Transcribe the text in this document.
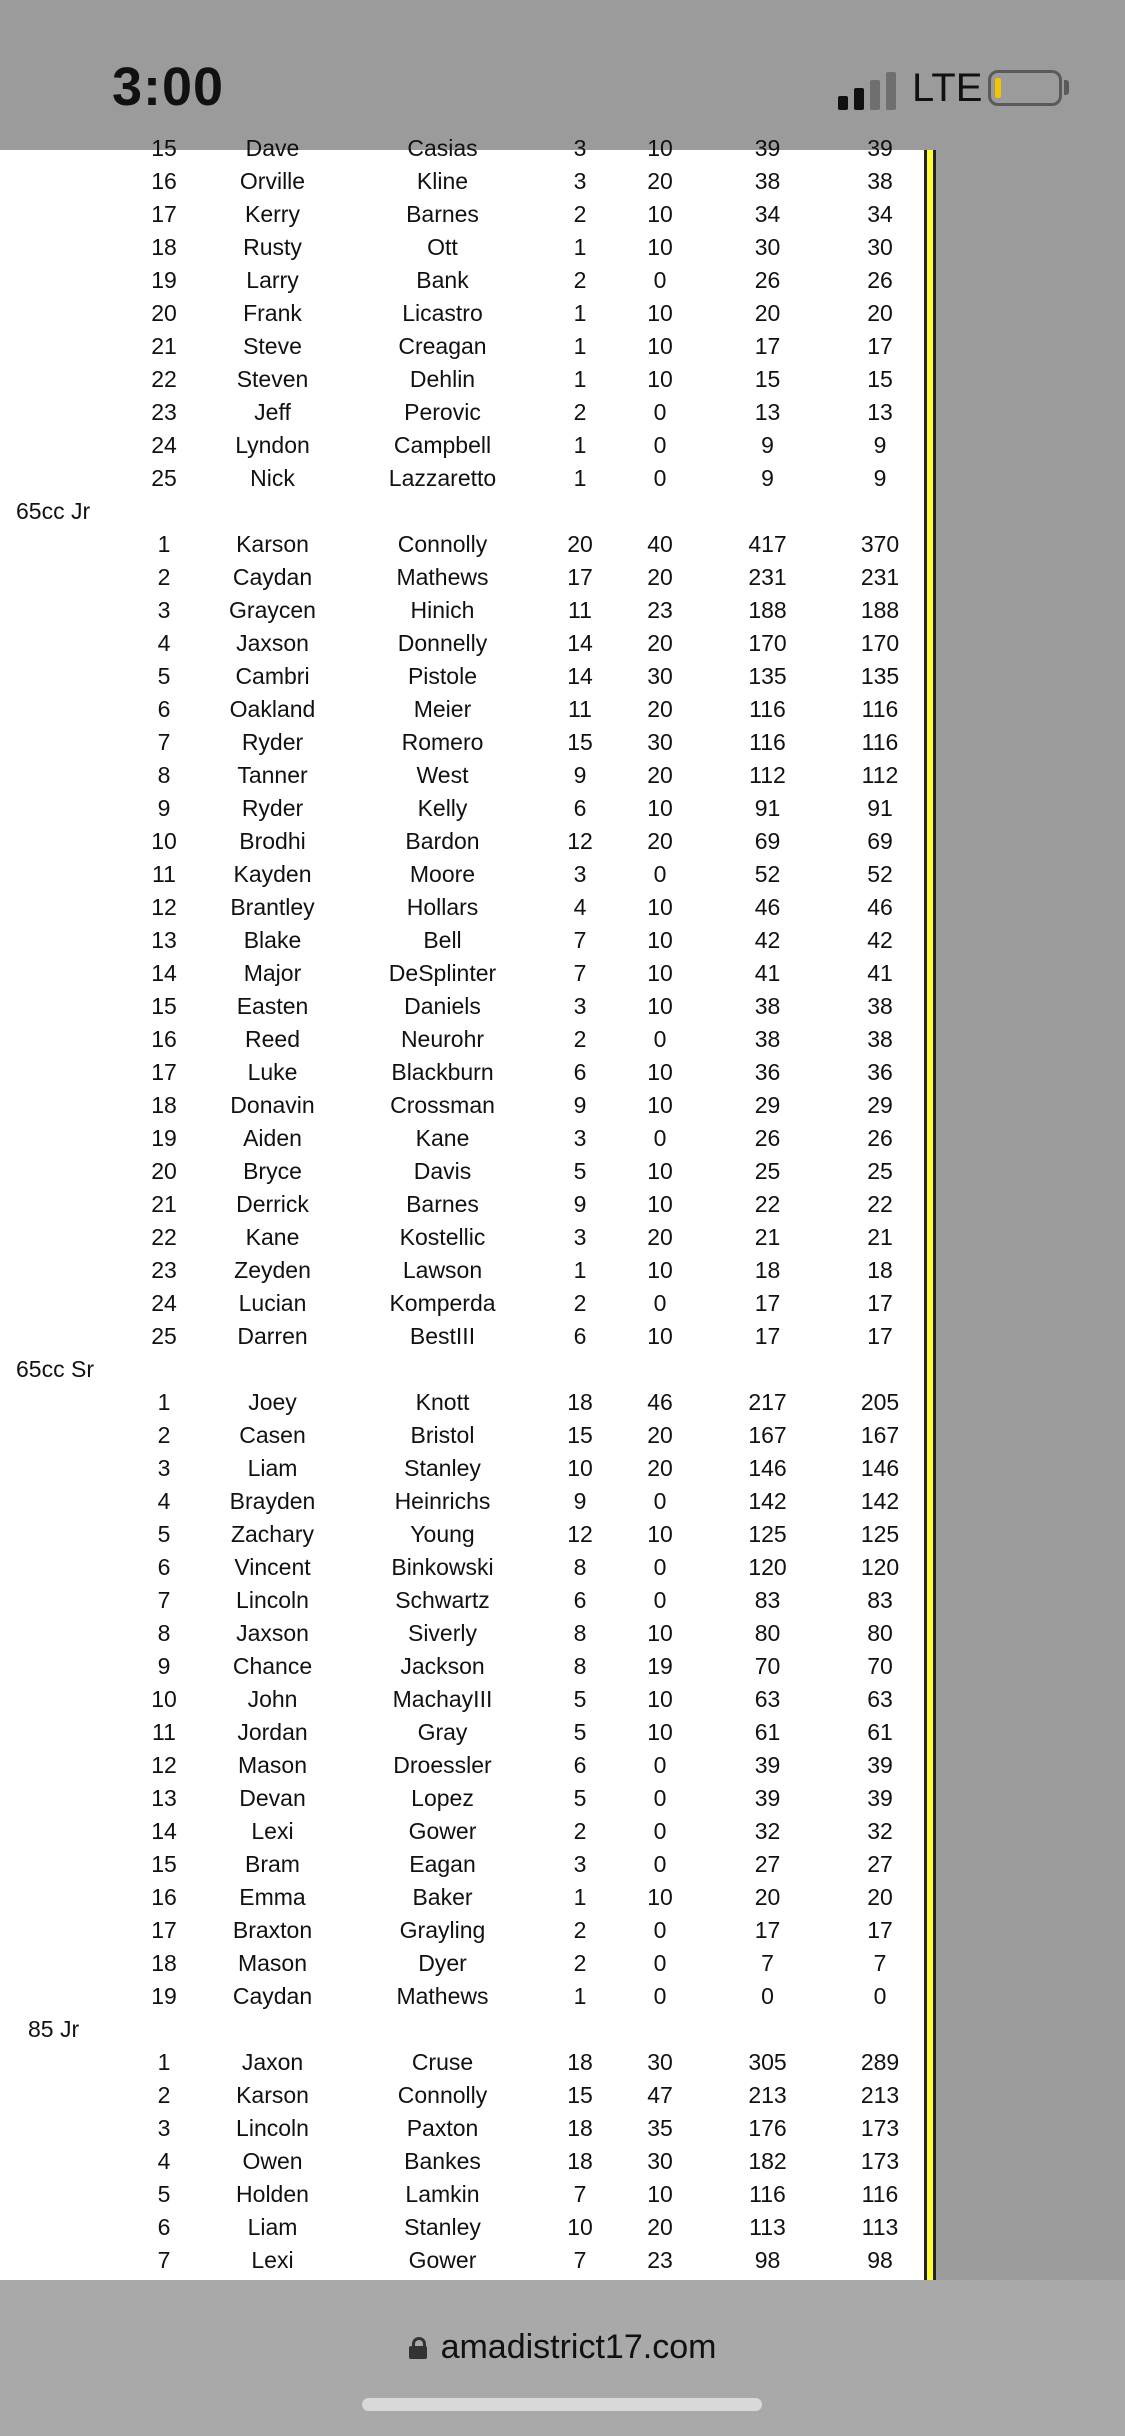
3:00	LTE
15	Dave	Casias	3	10	39	39
16	Orville	Kline	3	20	38	38
17	Kerry	Barnes	2	10	34	34
18	Rusty	Ott	1	10	30	30
19	Larry	Bank	2	0	26	26
20	Frank	Licastro	1	10	20	20
21	Steve	Creagan	1	10	17	17
22	Steven	Dehlin	1	10	15	15
23	Jeff	Perovic	2	0	13	13
24	Lyndon	Campbell	1	0	9	9
25	Nick	Lazzaretto	1	0	9	9
65cc Jr
1	Karson	Connolly	20	40	417	370
2	Caydan	Mathews	17	20	231	231
3	Graycen	Hinich	11	23	188	188
4	Jaxson	Donnelly	14	20	170	170
5	Cambri	Pistole	14	30	135	135
6	Oakland	Meier	11	20	116	116
7	Ryder	Romero	15	30	116	116
8	Tanner	West	9	20	112	112
9	Ryder	Kelly	6	10	91	91
10	Brodhi	Bardon	12	20	69	69
11	Kayden	Moore	3	0	52	52
12	Brantley	Hollars	4	10	46	46
13	Blake	Bell	7	10	42	42
14	Major	DeSplinter	7	10	41	41
15	Easten	Daniels	3	10	38	38
16	Reed	Neurohr	2	0	38	38
17	Luke	Blackburn	6	10	36	36
18	Donavin	Crossman	9	10	29	29
19	Aiden	Kane	3	0	26	26
20	Bryce	Davis	5	10	25	25
21	Derrick	Barnes	9	10	22	22
22	Kane	Kostellic	3	20	21	21
23	Zeyden	Lawson	1	10	18	18
24	Lucian	Komperda	2	0	17	17
25	Darren	BestIII	6	10	17	17
65cc Sr
1	Joey	Knott	18	46	217	205
2	Casen	Bristol	15	20	167	167
3	Liam	Stanley	10	20	146	146
4	Brayden	Heinrichs	9	0	142	142
5	Zachary	Young	12	10	125	125
6	Vincent	Binkowski	8	0	120	120
7	Lincoln	Schwartz	6	0	83	83
8	Jaxson	Siverly	8	10	80	80
9	Chance	Jackson	8	19	70	70
10	John	MachayIII	5	10	63	63
11	Jordan	Gray	5	10	61	61
12	Mason	Droessler	6	0	39	39
13	Devan	Lopez	5	0	39	39
14	Lexi	Gower	2	0	32	32
15	Bram	Eagan	3	0	27	27
16	Emma	Baker	1	10	20	20
17	Braxton	Grayling	2	0	17	17
18	Mason	Dyer	2	0	7	7
19	Caydan	Mathews	1	0	0	0
85 Jr
1	Jaxon	Cruse	18	30	305	289
2	Karson	Connolly	15	47	213	213
3	Lincoln	Paxton	18	35	176	173
4	Owen	Bankes	18	30	182	173
5	Holden	Lamkin	7	10	116	116
6	Liam	Stanley	10	20	113	113
7	Lexi	Gower	7	23	98	98
amadistrict17.com
